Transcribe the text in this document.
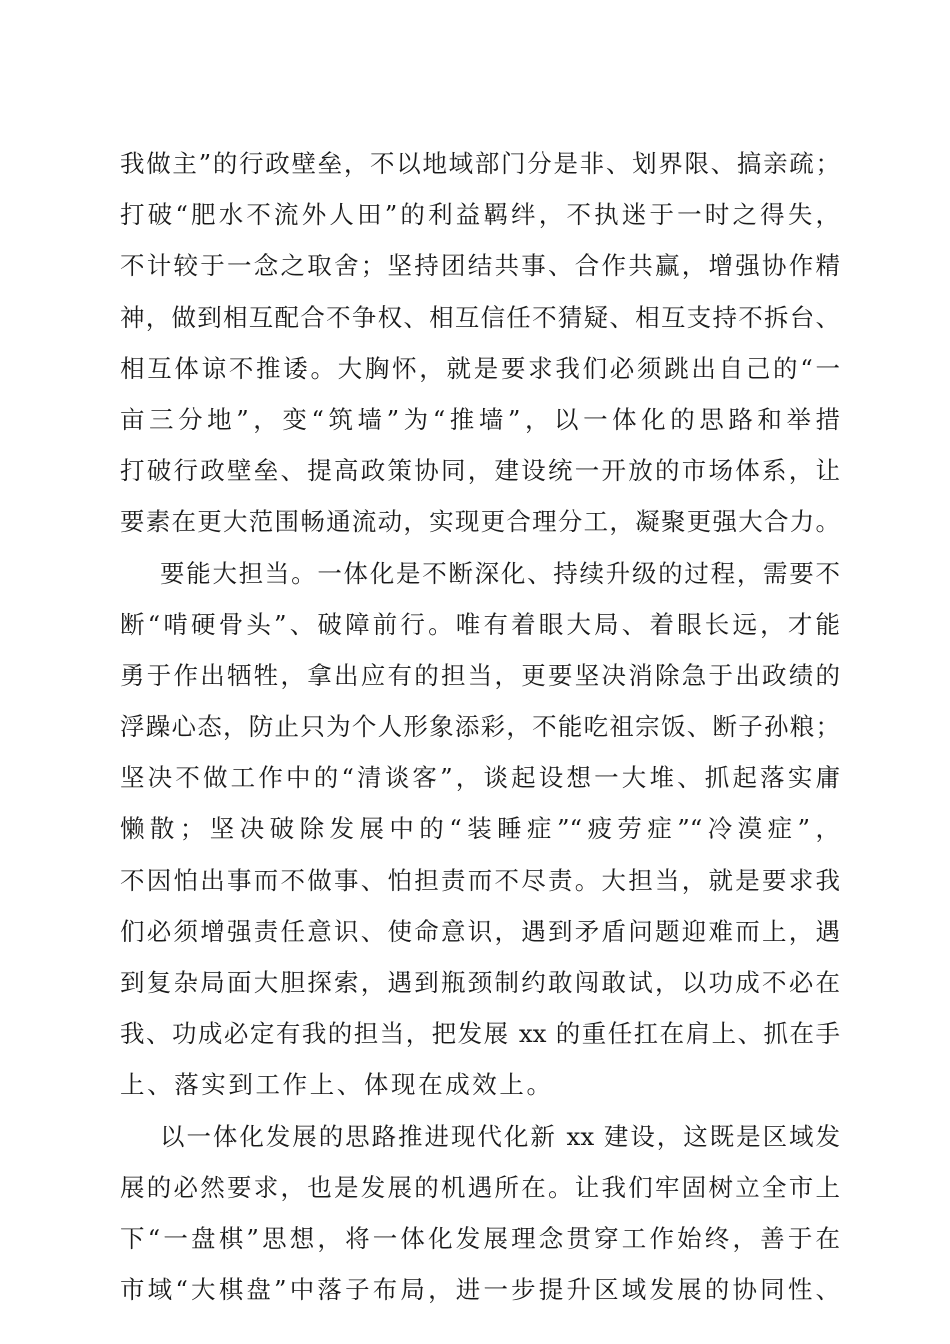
我做主”的行政壁垒，不以地域部门分是非、划界限、搞亲疏；
打破“肥水不流外人田”的利益羁绊，不执迷于一时之得失，
不计较于一念之取舍；坚持团结共事、合作共赢，增强协作精
神，做到相互配合不争权、相互信任不猜疑、相互支持不拆台、
相互体谅不推诿。大胸怀，就是要求我们必须跳出自己的“一
亩三分地”，变“筑墙”为“推墙”，以一体化的思路和举措
打破行政壁垒、提高政策协同，建设统一开放的市场体系，让
要素在更大范围畅通流动，实现更合理分工，凝聚更强大合力。
要能大担当。一体化是不断深化、持续升级的过程，需要不
断“啃硬骨头”、破障前行。唯有着眼大局、着眼长远，才能
勇于作出牺牲，拿出应有的担当，更要坚决消除急于出政绩的
浮躁心态，防止只为个人形象添彩，不能吃祖宗饭、断子孙粮；
坚决不做工作中的“清谈客”，谈起设想一大堆、抓起落实庸
懒散；坚决破除发展中的“装睡症”“疲劳症”“冷漠症”，
不因怕出事而不做事、怕担责而不尽责。大担当，就是要求我
们必须增强责任意识、使命意识，遇到矛盾问题迎难而上，遇
到复杂局面大胆探索，遇到瓶颈制约敢闯敢试，以功成不必在
我、功成必定有我的担当，把发展 xx 的重任扛在肩上、抓在手
上、落实到工作上、体现在成效上。
以一体化发展的思路推进现代化新 xx 建设，这既是区域发
展的必然要求，也是发展的机遇所在。让我们牢固树立全市上
下“一盘棋”思想，将一体化发展理念贯穿工作始终，善于在
市域“大棋盘”中落子布局，进一步提升区域发展的协同性、
